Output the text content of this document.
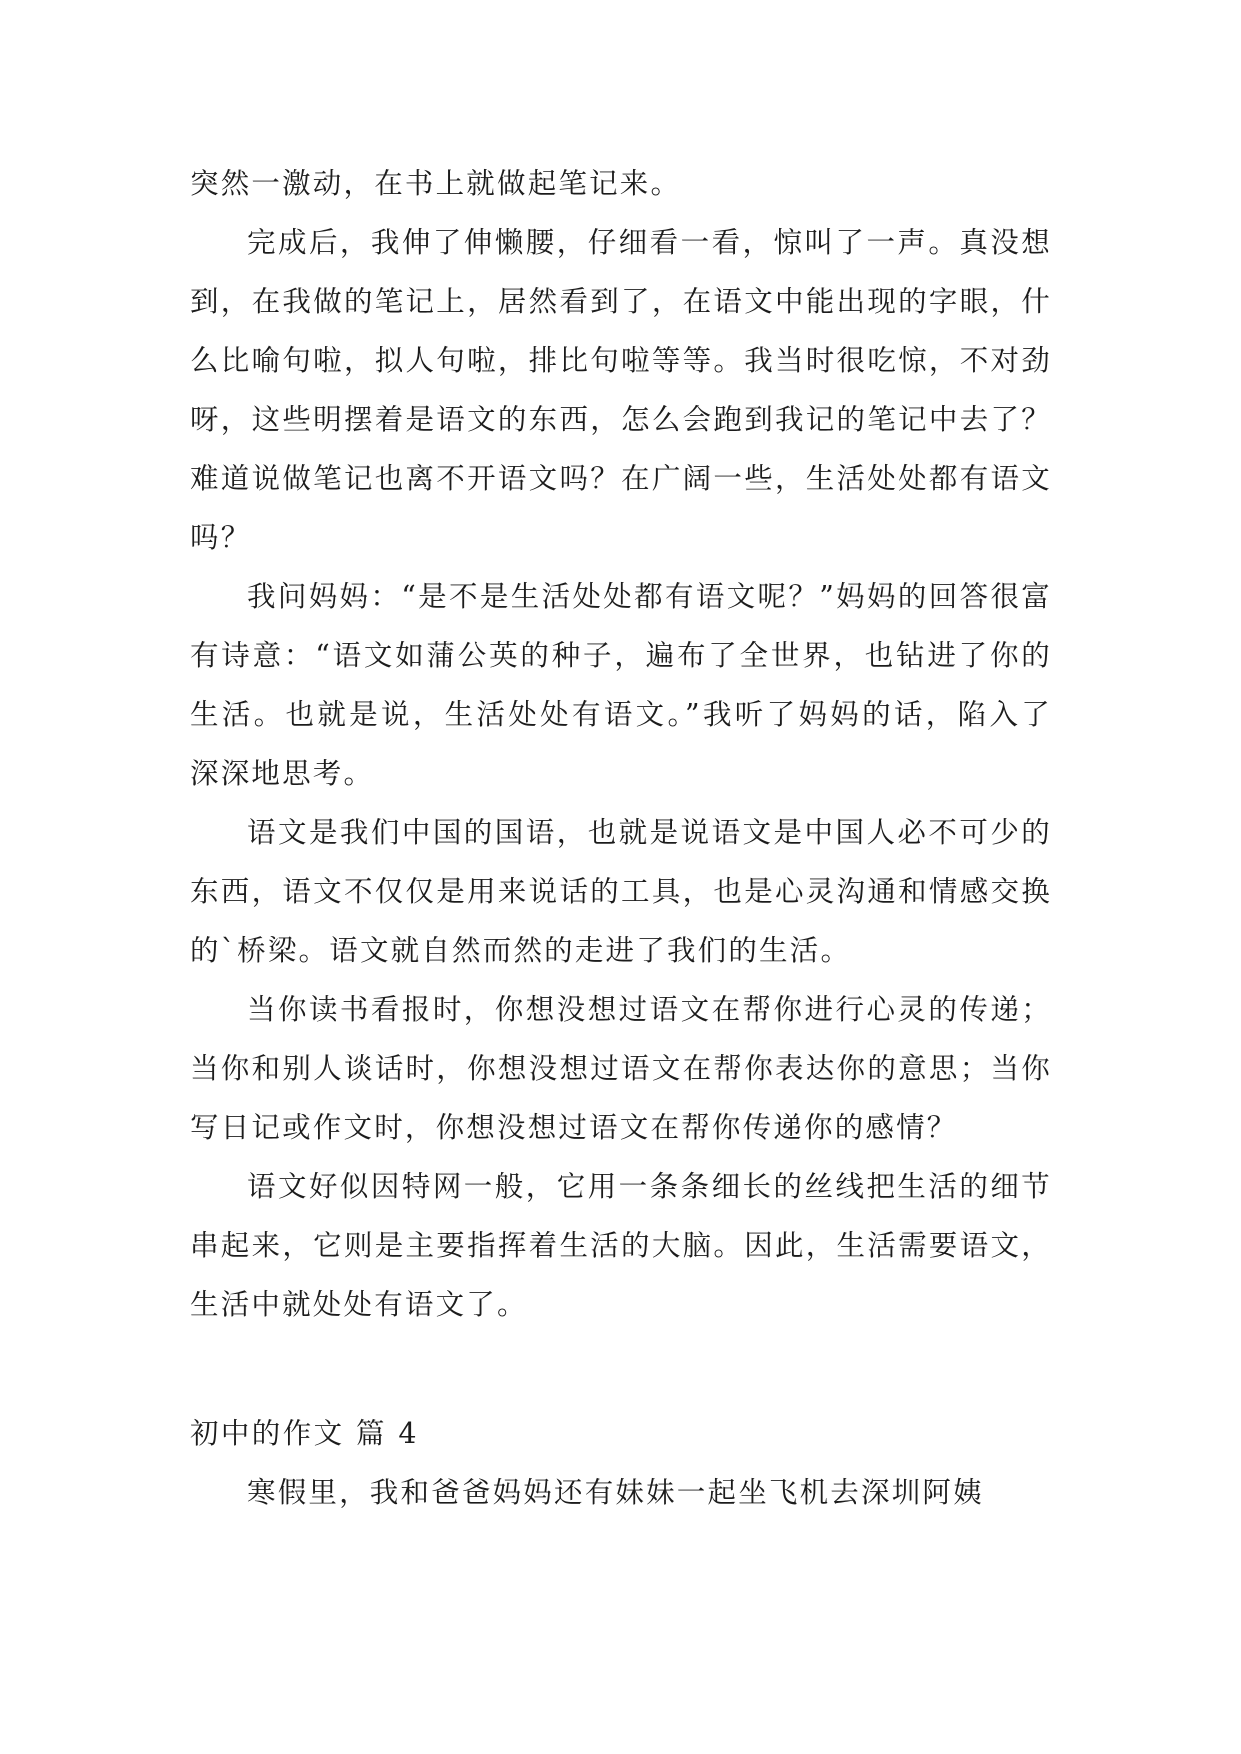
突然一激动，在书上就做起笔记来。

完成后，我伸了伸懒腰，仔细看一看，惊叫了一声。真没想到，在我做的笔记上，居然看到了，在语文中能出现的字眼，什么比喻句啦，拟人句啦，排比句啦等等。我当时很吃惊，不对劲呀，这些明摆着是语文的东西，怎么会跑到我记的笔记中去了？难道说做笔记也离不开语文吗？在广阔一些，生活处处都有语文吗？

我问妈妈：“是不是生活处处都有语文呢？”妈妈的回答很富有诗意：“语文如蒲公英的种子，遍布了全世界，也钻进了你的生活。也就是说，生活处处有语文。”我听了妈妈的话，陷入了深深地思考。

语文是我们中国的国语，也就是说语文是中国人必不可少的东西，语文不仅仅是用来说话的工具，也是心灵沟通和情感交换的`桥梁。语文就自然而然的走进了我们的生活。

当你读书看报时，你想没想过语文在帮你进行心灵的传递；当你和别人谈话时，你想没想过语文在帮你表达你的意思；当你写日记或作文时，你想没想过语文在帮你传递你的感情？

语文好似因特网一般，它用一条条细长的丝线把生活的细节串起来，它则是主要指挥着生活的大脑。因此，生活需要语文，生活中就处处有语文了。

初中的作文 篇 4

寒假里，我和爸爸妈妈还有妹妹一起坐飞机去深圳阿姨
